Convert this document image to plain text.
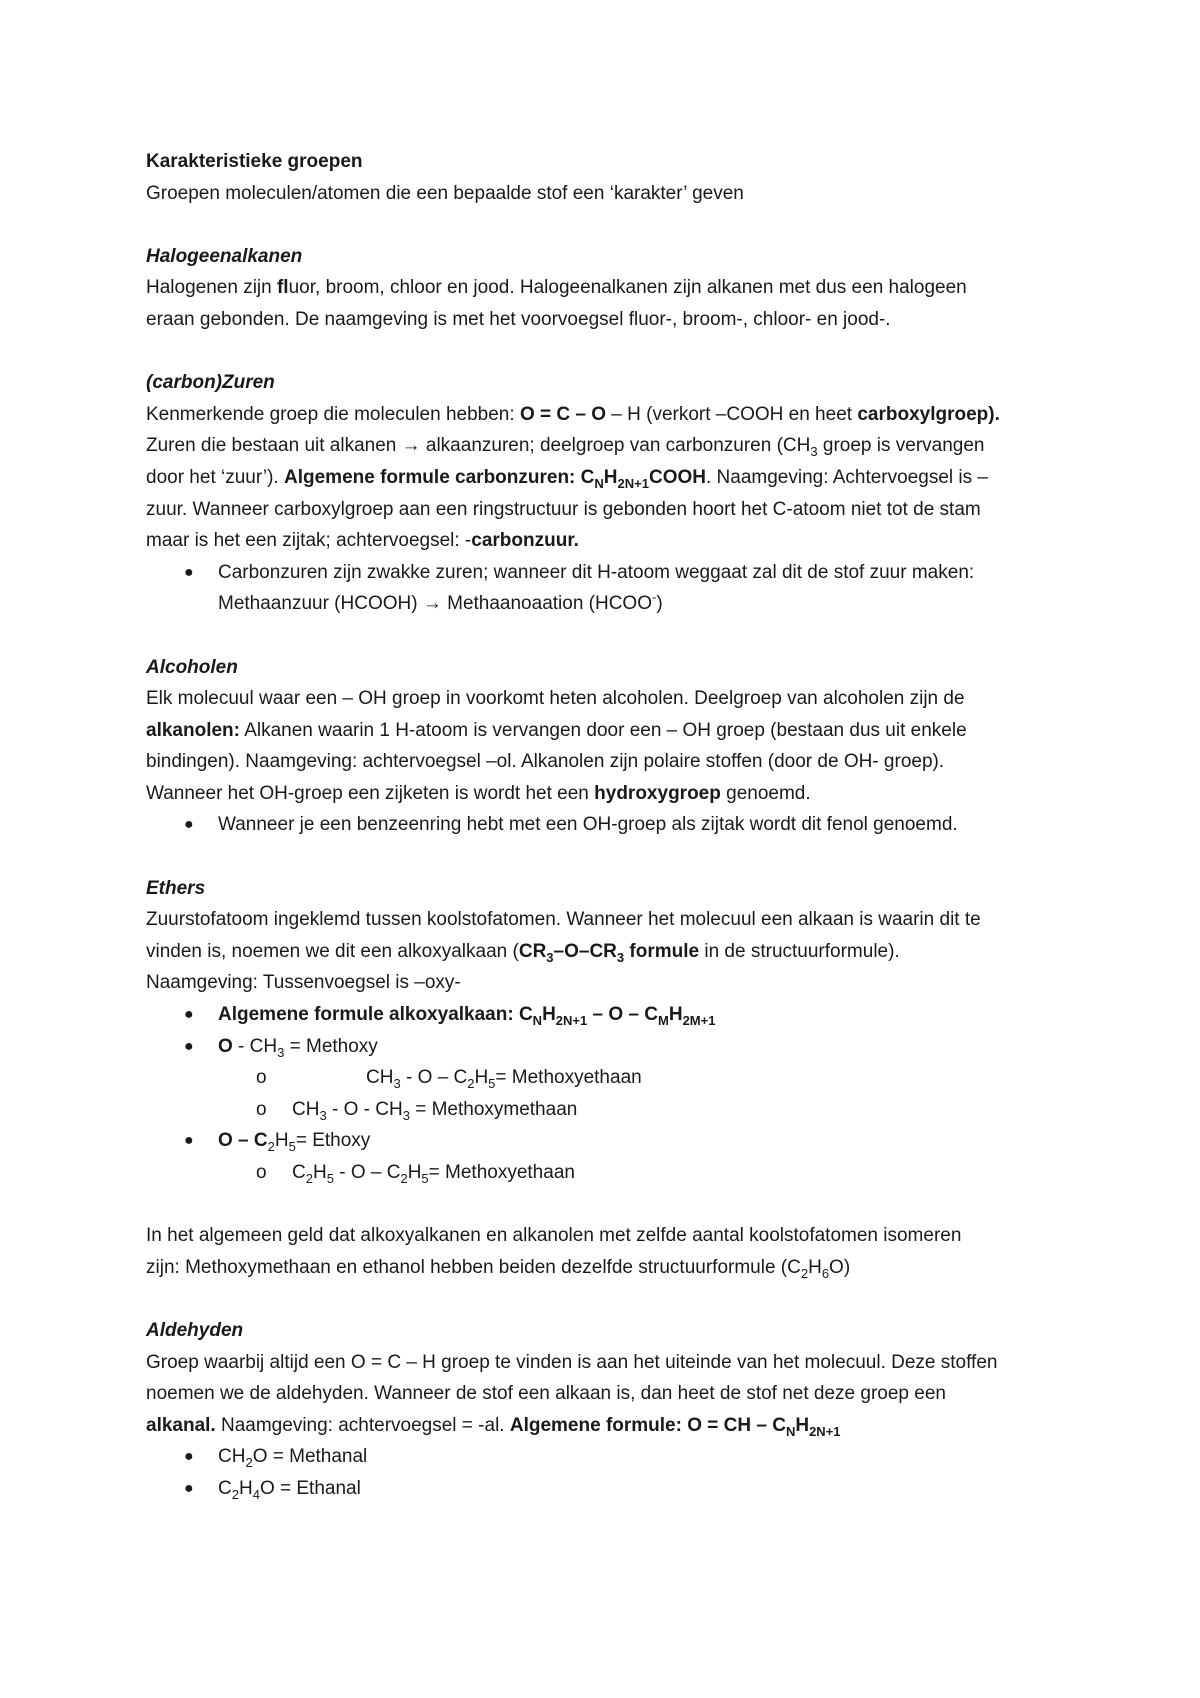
Karakteristieke groepen
Groepen moleculen/atomen die een bepaalde stof een ‘karakter’ geven
Halogeenalkanen
Halogenen zijn fluor, broom, chloor en jood. Halogeenalkanen zijn alkanen met dus een halogeen
eraan gebonden. De naamgeving is met het voorvoegsel fluor-, broom-, chloor- en jood-.
(carbon)Zuren
Kenmerkende groep die moleculen hebben: O = C – O – H (verkort –COOH en heet carboxylgroep).
Zuren die bestaan uit alkanen → alkaanzuren; deelgroep van carbonzuren ($CH_3$ groep is vervangen
door het ‘zuur’). Algemene formule carbonzuren: $C_NH_{2N+1}COOH$. Naamgeving: Achtervoegsel is –
zuur. Wanneer carboxylgroep aan een ringstructuur is gebonden hoort het C-atoom niet tot de stam
maar is het een zijtak; achtervoegsel: -carbonzuur.
● Carbonzuren zijn zwakke zuren; wanneer dit H-atoom weggaat zal dit de stof zuur maken:
Methaanzuur (HCOOH) → Methaanoaation (HCOO-)
Alcoholen
Elk molecuul waar een – OH groep in voorkomt heten alcoholen. Deelgroep van alcoholen zijn de
alkanolen: Alkanen waarin 1 H-atoom is vervangen door een – OH groep (bestaan dus uit enkele
bindingen). Naamgeving: achtervoegsel –ol. Alkanolen zijn polaire stoffen (door de OH- groep).
Wanneer het OH-groep een zijketen is wordt het een hydroxygroep genoemd.
● Wanneer je een benzeenring hebt met een OH-groep als zijtak wordt dit fenol genoemd.
Ethers
Zuurstofatoom ingeklemd tussen koolstofatomen. Wanneer het molecuul een alkaan is waarin dit te
vinden is, noemen we dit een alkoxyalkaan ($CR_3-O-CR_3$ formule in de structuurformule).
Naamgeving: Tussenvoegsel is –oxy-
● Algemene formule alkoxyalkaan: $C_NH_{2N+1}$ – O – $C_MH_{2M+1}$
● O - $CH_3$ = Methoxy
o	$CH_3 - O - C_2H_5=$ Methoxyethaan
o $CH_3$ - O - $CH_3$ = Methoxymethaan
● $O - C_2H_5=$ Ethoxy
o $C_2H_5 - O - C_2H_5=$ Methoxyethaan
In het algemeen geld dat alkoxyalkanen en alkanolen met zelfde aantal koolstofatomen isomeren
zijn: Methoxymethaan en ethanol hebben beiden dezelfde structuurformule $(C_2H_6O)$
Aldehyden
Groep waarbij altijd een O = C – H groep te vinden is aan het uiteinde van het molecuul. Deze stoffen
noemen we de aldehyden. Wanneer de stof een alkaan is, dan heet de stof net deze groep een
alkanal. Naamgeving: achtervoegsel = -al. Algemene formule: O = CH – $C_NH_{2N+1}$
● $CH_2O$ = Methanal
● $C_2H_4O$ = Ethanal
